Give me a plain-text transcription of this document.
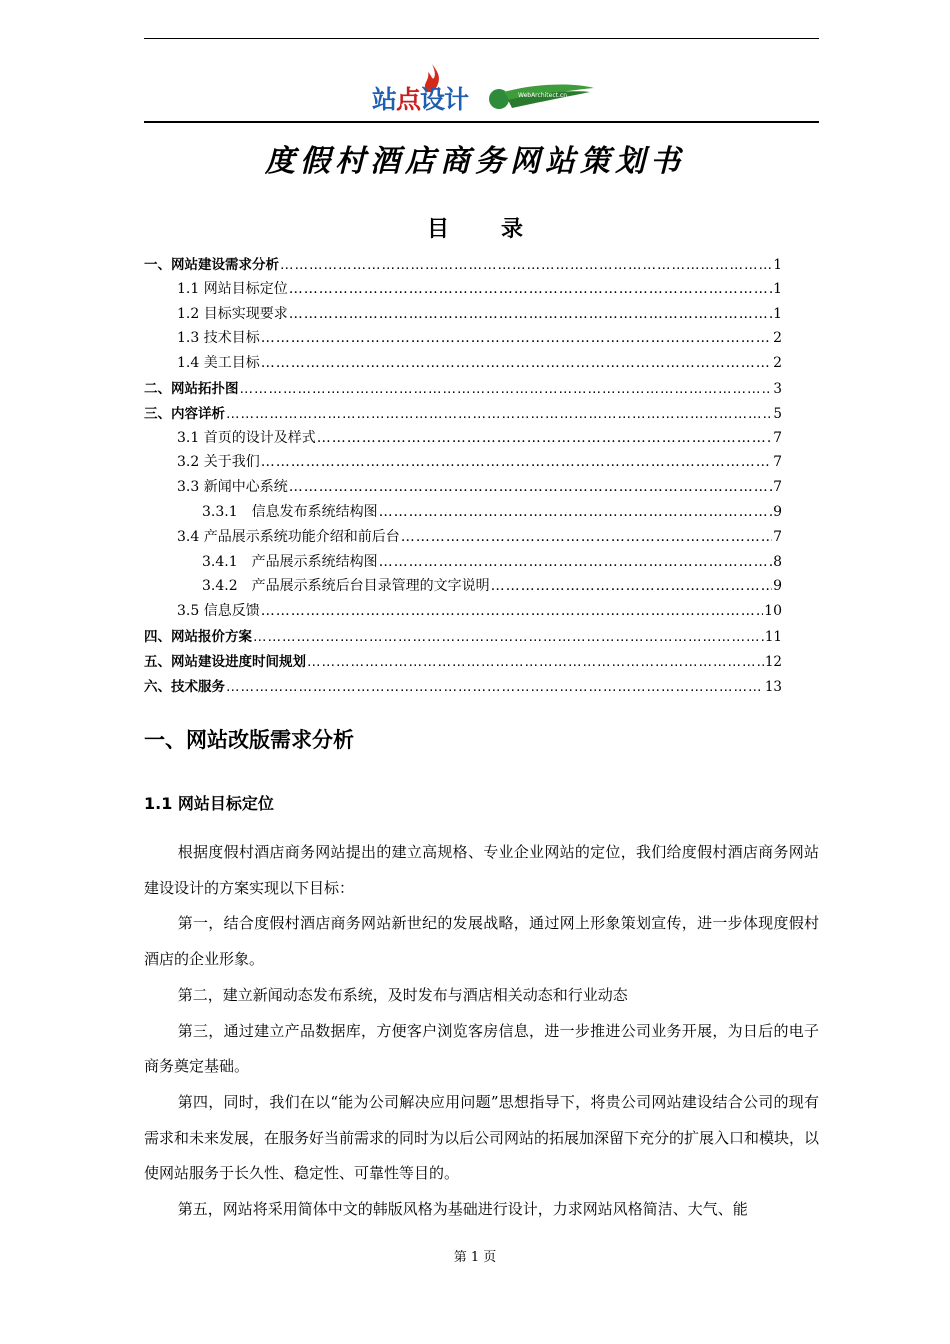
站点设计	WebArchitect.cn
度假村酒店商务网站策划书
目 录
一、网站建设需求分析 ………………………………………………………………………………………………………………………………………………………………………………………	1
1.1 网站目标定位 ………………………………………………………………………………………………………………………………………………………………………………………	1
1.2 目标实现要求 ………………………………………………………………………………………………………………………………………………………………………………………	1
1.3 技术目标 ………………………………………………………………………………………………………………………………………………………………………………………	2
1.4 美工目标 ………………………………………………………………………………………………………………………………………………………………………………………	2
二、网站拓扑图 ………………………………………………………………………………………………………………………………………………………………………………………	3
三、内容详析 ………………………………………………………………………………………………………………………………………………………………………………………	5
3.1 首页的设计及样式 ………………………………………………………………………………………………………………………………………………………………………………………	7
3.2 关于我们 ………………………………………………………………………………………………………………………………………………………………………………………	7
3.3 新闻中心系统 ………………………………………………………………………………………………………………………………………………………………………………………	7
3.3.1　信息发布系统结构图 ………………………………………………………………………………………………………………………………………………………………………………………	9
3.4 产品展示系统功能介绍和前后台 ………………………………………………………………………………………………………………………………………………………………………………………	7
3.4.1　产品展示系统结构图 ………………………………………………………………………………………………………………………………………………………………………………………	8
3.4.2　产品展示系统后台目录管理的文字说明 ………………………………………………………………………………………………………………………………………………………………………………………	9
3.5 信息反馈 ………………………………………………………………………………………………………………………………………………………………………………………	10
四、网站报价方案 ………………………………………………………………………………………………………………………………………………………………………………………	11
五、网站建设进度时间规划 ………………………………………………………………………………………………………………………………………………………………………………………	12
六、技术服务 ………………………………………………………………………………………………………………………………………………………………………………………	13
一、网站改版需求分析
1.1 网站目标定位

根据度假村酒店商务网站提出的建立高规格、专业企业网站的定位，我们给度假村酒店商务网站建设设计的方案实现以下目标：

第一，结合度假村酒店商务网站新世纪的发展战略，通过网上形象策划宣传，进一步体现度假村酒店的企业形象。

第二，建立新闻动态发布系统，及时发布与酒店相关动态和行业动态

第三，通过建立产品数据库，方便客户浏览客房信息，进一步推进公司业务开展，为日后的电子商务奠定基础。

第四，同时，我们在以“能为公司解决应用问题”思想指导下，将贵公司网站建设结合公司的现有需求和未来发展，在服务好当前需求的同时为以后公司网站的拓展加深留下充分的扩展入口和模块，以使网站服务于长久性、稳定性、可靠性等目的。

第五，网站将采用简体中文的韩版风格为基础进行设计，力求网站风格简洁、大气、能

第 1 页
